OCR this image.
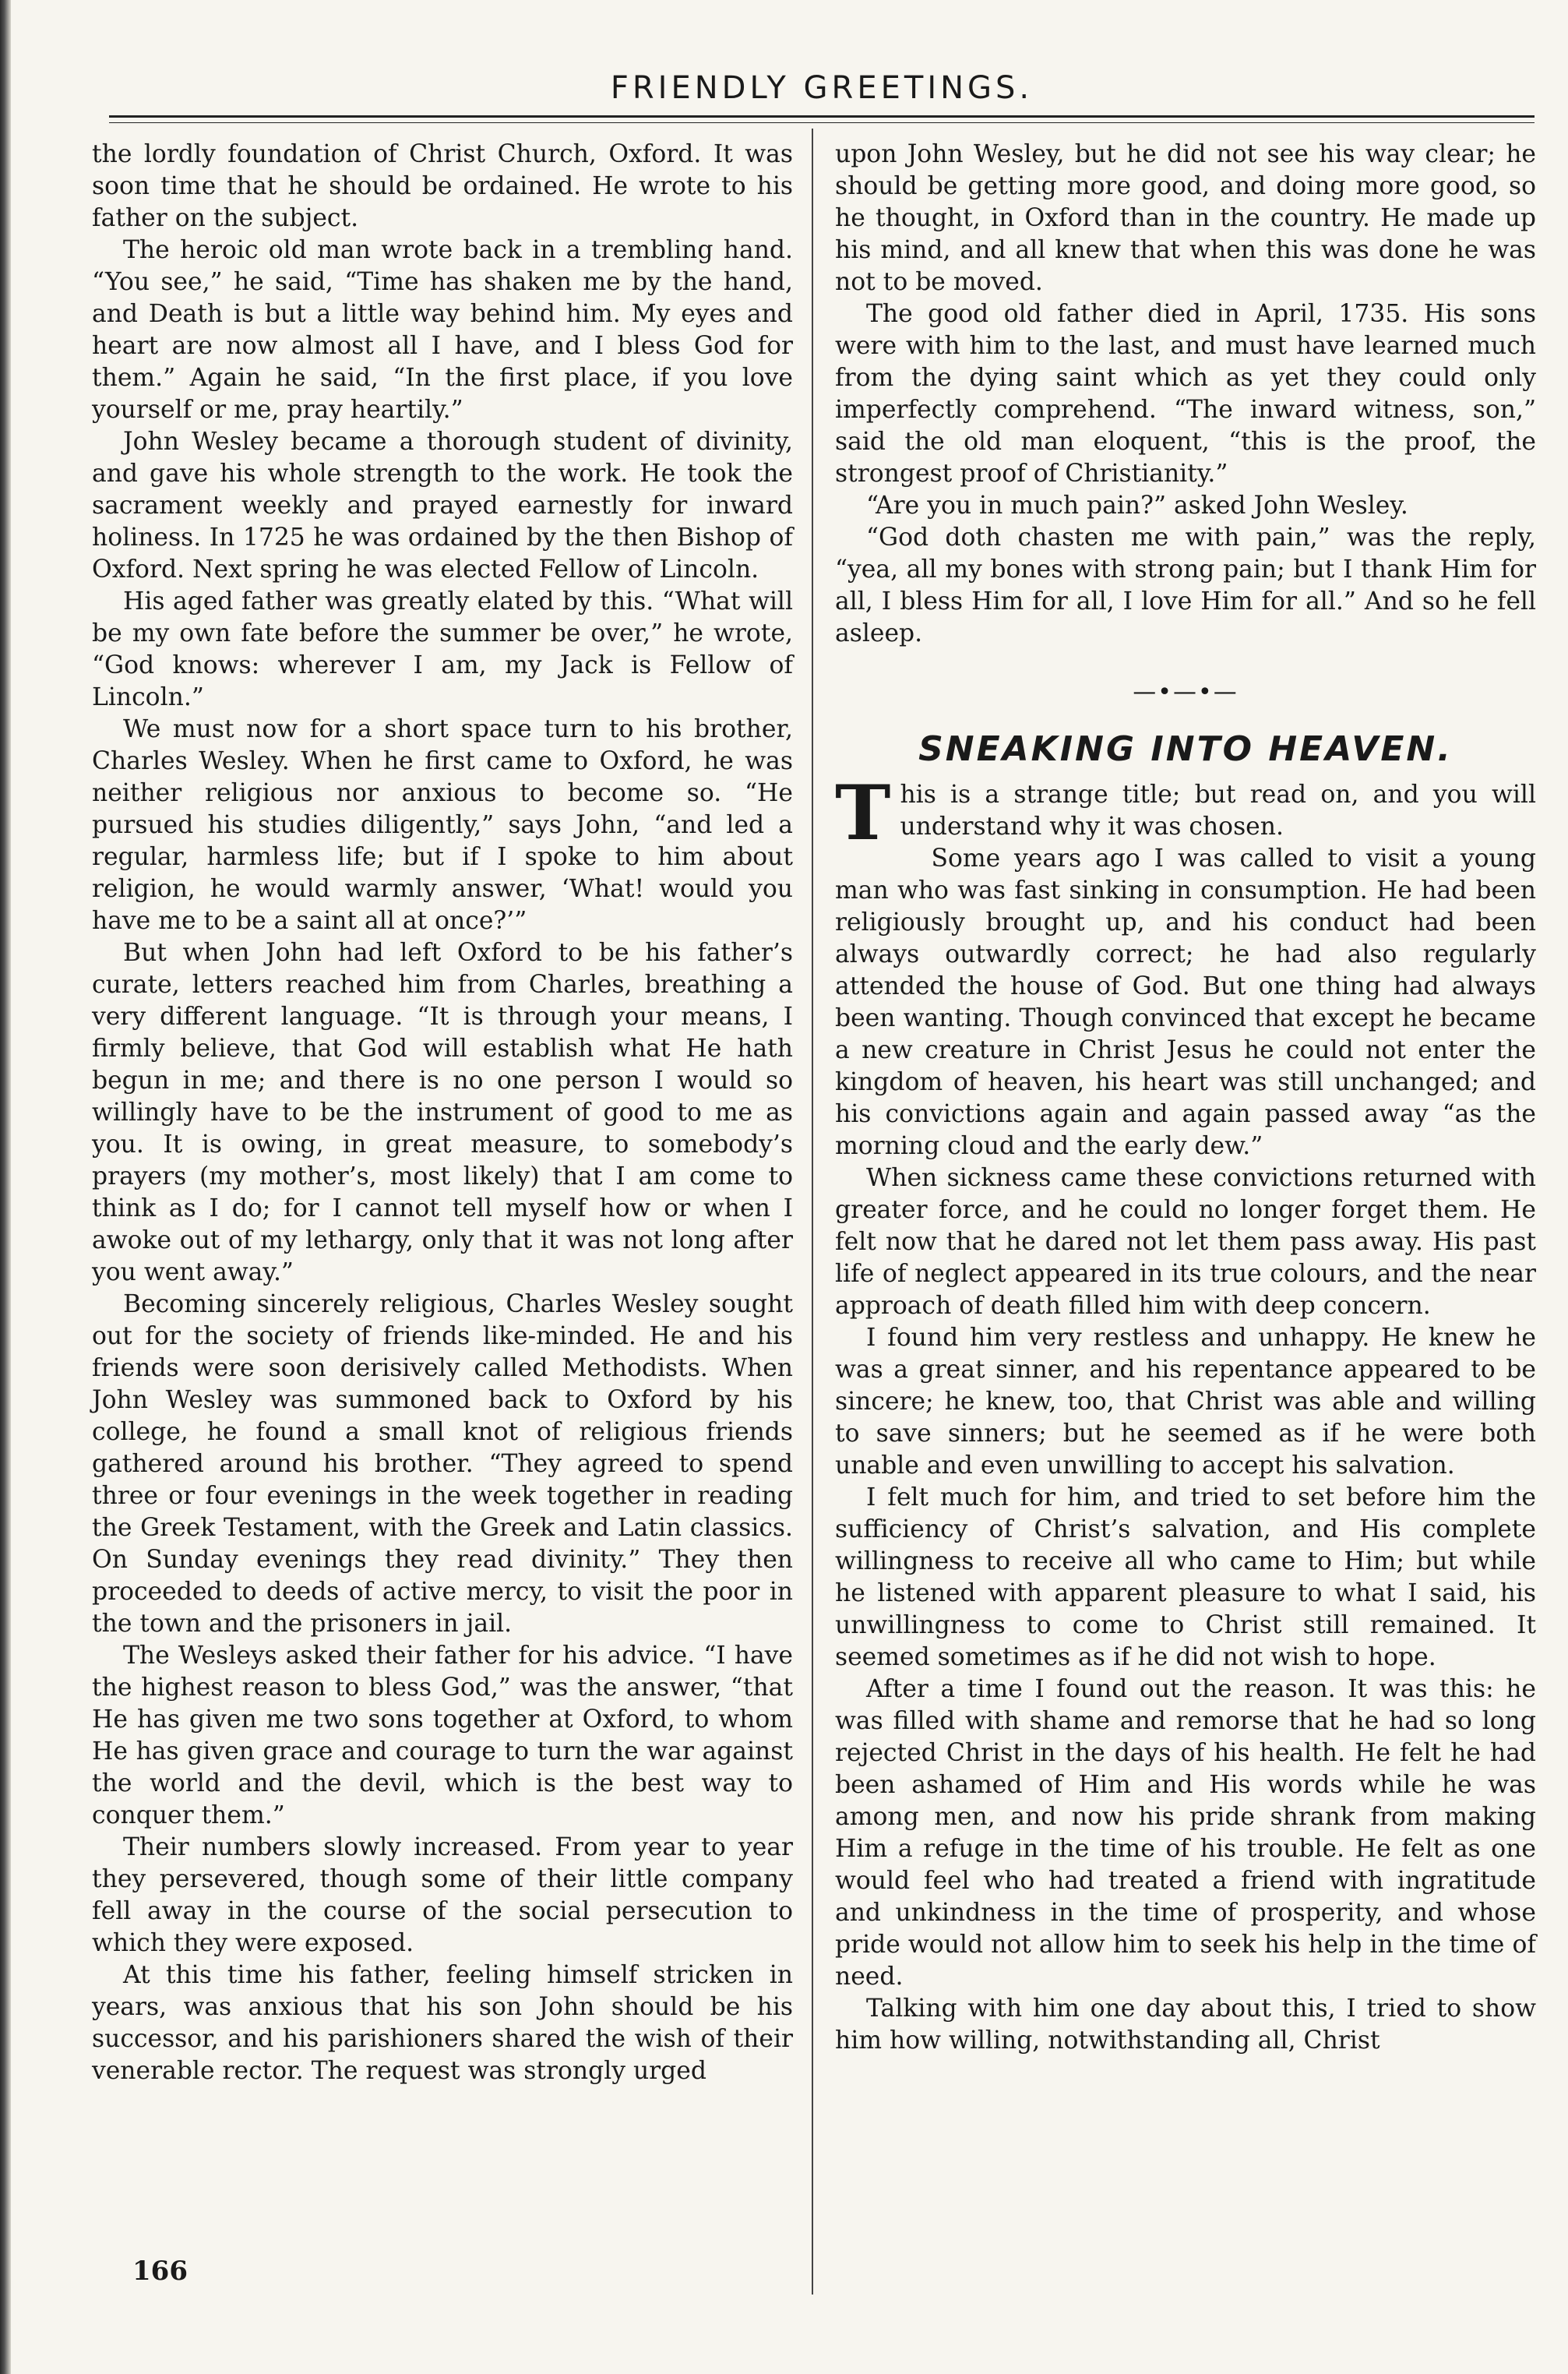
FRIENDLY GREETINGS.

the lordly foundation of Christ Church, Oxford. It was soon time that he should be ordained. He wrote to his father on the subject.

The heroic old man wrote back in a trembling hand. “You see,” he said, “Time has shaken me by the hand, and Death is but a little way behind him. My eyes and heart are now almost all I have, and I bless God for them.” Again he said, “In the first place, if you love yourself or me, pray heartily.”

John Wesley became a thorough student of divinity, and gave his whole strength to the work. He took the sacrament weekly and prayed earnestly for inward holiness. In 1725 he was ordained by the then Bishop of Oxford. Next spring he was elected Fellow of Lincoln.

His aged father was greatly elated by this. “What will be my own fate before the summer be over,” he wrote, “God knows: wherever I am, my Jack is Fellow of Lincoln.”

We must now for a short space turn to his brother, Charles Wesley. When he first came to Oxford, he was neither religious nor anxious to become so. “He pursued his studies diligently,” says John, “and led a regular, harmless life; but if I spoke to him about religion, he would warmly answer, ‘What! would you have me to be a saint all at once?’”

But when John had left Oxford to be his father’s curate, letters reached him from Charles, breathing a very different language. “It is through your means, I firmly believe, that God will establish what He hath begun in me; and there is no one person I would so willingly have to be the instrument of good to me as you. It is owing, in great measure, to somebody’s prayers (my mother’s, most likely) that I am come to think as I do; for I cannot tell myself how or when I awoke out of my lethargy, only that it was not long after you went away.”

Becoming sincerely religious, Charles Wesley sought out for the society of friends like-minded. He and his friends were soon derisively called Methodists. When John Wesley was summoned back to Oxford by his college, he found a small knot of religious friends gathered around his brother. “They agreed to spend three or four evenings in the week together in reading the Greek Testament, with the Greek and Latin classics. On Sunday evenings they read divinity.” They then proceeded to deeds of active mercy, to visit the poor in the town and the prisoners in jail.

The Wesleys asked their father for his advice. “I have the highest reason to bless God,” was the answer, “that He has given me two sons together at Oxford, to whom He has given grace and courage to turn the war against the world and the devil, which is the best way to conquer them.”

Their numbers slowly increased. From year to year they persevered, though some of their little company fell away in the course of the social persecution to which they were exposed.

At this time his father, feeling himself stricken in years, was anxious that his son John should be his successor, and his parishioners shared the wish of their venerable rector. The request was strongly urged

upon John Wesley, but he did not see his way clear; he should be getting more good, and doing more good, so he thought, in Oxford than in the country. He made up his mind, and all knew that when this was done he was not to be moved.

The good old father died in April, 1735. His sons were with him to the last, and must have learned much from the dying saint which as yet they could only imperfectly comprehend. “The inward witness, son,” said the old man eloquent, “this is the proof, the strongest proof of Christianity.”

“Are you in much pain?” asked John Wesley.

“God doth chasten me with pain,” was the reply, “yea, all my bones with strong pain; but I thank Him for all, I bless Him for all, I love Him for all.” And so he fell asleep.

—•—•—
SNEAKING INTO HEAVEN.

This is a strange title; but read on, and you will understand why it was chosen.

Some years ago I was called to visit a young man who was fast sinking in consumption. He had been religiously brought up, and his conduct had been always outwardly correct; he had also regularly attended the house of God. But one thing had always been wanting. Though convinced that except he became a new creature in Christ Jesus he could not enter the kingdom of heaven, his heart was still unchanged; and his convictions again and again passed away “as the morning cloud and the early dew.”

When sickness came these convictions returned with greater force, and he could no longer forget them. He felt now that he dared not let them pass away. His past life of neglect appeared in its true colours, and the near approach of death filled him with deep concern.

I found him very restless and unhappy. He knew he was a great sinner, and his repentance appeared to be sincere; he knew, too, that Christ was able and willing to save sinners; but he seemed as if he were both unable and even unwilling to accept his salvation.

I felt much for him, and tried to set before him the sufficiency of Christ’s salvation, and His complete willingness to receive all who came to Him; but while he listened with apparent pleasure to what I said, his unwillingness to come to Christ still remained. It seemed sometimes as if he did not wish to hope.

After a time I found out the reason. It was this: he was filled with shame and remorse that he had so long rejected Christ in the days of his health. He felt he had been ashamed of Him and His words while he was among men, and now his pride shrank from making Him a refuge in the time of his trouble. He felt as one would feel who had treated a friend with ingratitude and unkindness in the time of prosperity, and whose pride would not allow him to seek his help in the time of need.

Talking with him one day about this, I tried to show him how willing, notwithstanding all, Christ

166
